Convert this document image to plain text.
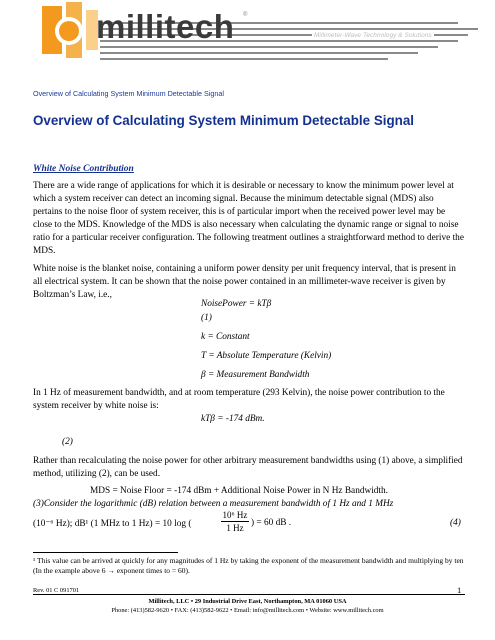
millitech ®
Millimeter-Wave Technology & Solutions
Overview of Calculating System Minimum Detectable Signal
Overview of Calculating System Minimum Detectable Signal
White Noise Contribution
There are a wide range of applications for which it is desirable or necessary to know the minimum power level at which a system receiver can detect an incoming signal. Because the minimum detectable signal (MDS) also pertains to the noise floor of system receiver, this is of particular import when the received power level may be close to the MDS. Knowledge of the MDS is also necessary when calculating the dynamic range or signal to noise ratio for a particular receiver configuration. The following treatment outlines a straightforward method to derive the MDS.
White noise is the blanket noise, containing a uniform power density per unit frequency interval, that is present in all electrical system. It can be shown that the noise power contained in an millimeter-wave receiver is given by Boltzman’s Law, i.e.,
NoisePower = kTβ
(1)
k = Constant
T = Absolute Temperature (Kelvin)
β = Measurement Bandwidth
In 1 Hz of measurement bandwidth, and at room temperature (293 Kelvin), the noise power contribution to the system receiver by white noise is:
kTβ = -174 dBm.
(2)
Rather than recalculating the noise power for other arbitrary measurement bandwidths using (1) above, a simplified method, utilizing (2), can be used.
MDS = Noise Floor = -174 dBm + Additional Noise Power in N Hz Bandwidth.
(3)Consider the logarithmic (dB) relation between a measurement bandwidth of 1 Hz and 1 MHz
(10⁻⁶ Hz); dB¹ (1 MHz to 1 Hz) = 10 log (
10⁶ Hz
1 Hz ) = 60 dB .	(4)
¹ This value can be arrived at quickly for any magnitudes of 1 Hz by taking the exponent of the measurement bandwidth and multiplying by ten (In the example above 6 → exponent times to = 60).
Rev. 01 C 091701	1
Millitech, LLC • 29 Industrial Drive East, Northampton, MA 01060 USA
Phone: (413)582-9620 • FAX: (413)582-9622 • Email: info@millitech.com • Website: www.millitech.com
